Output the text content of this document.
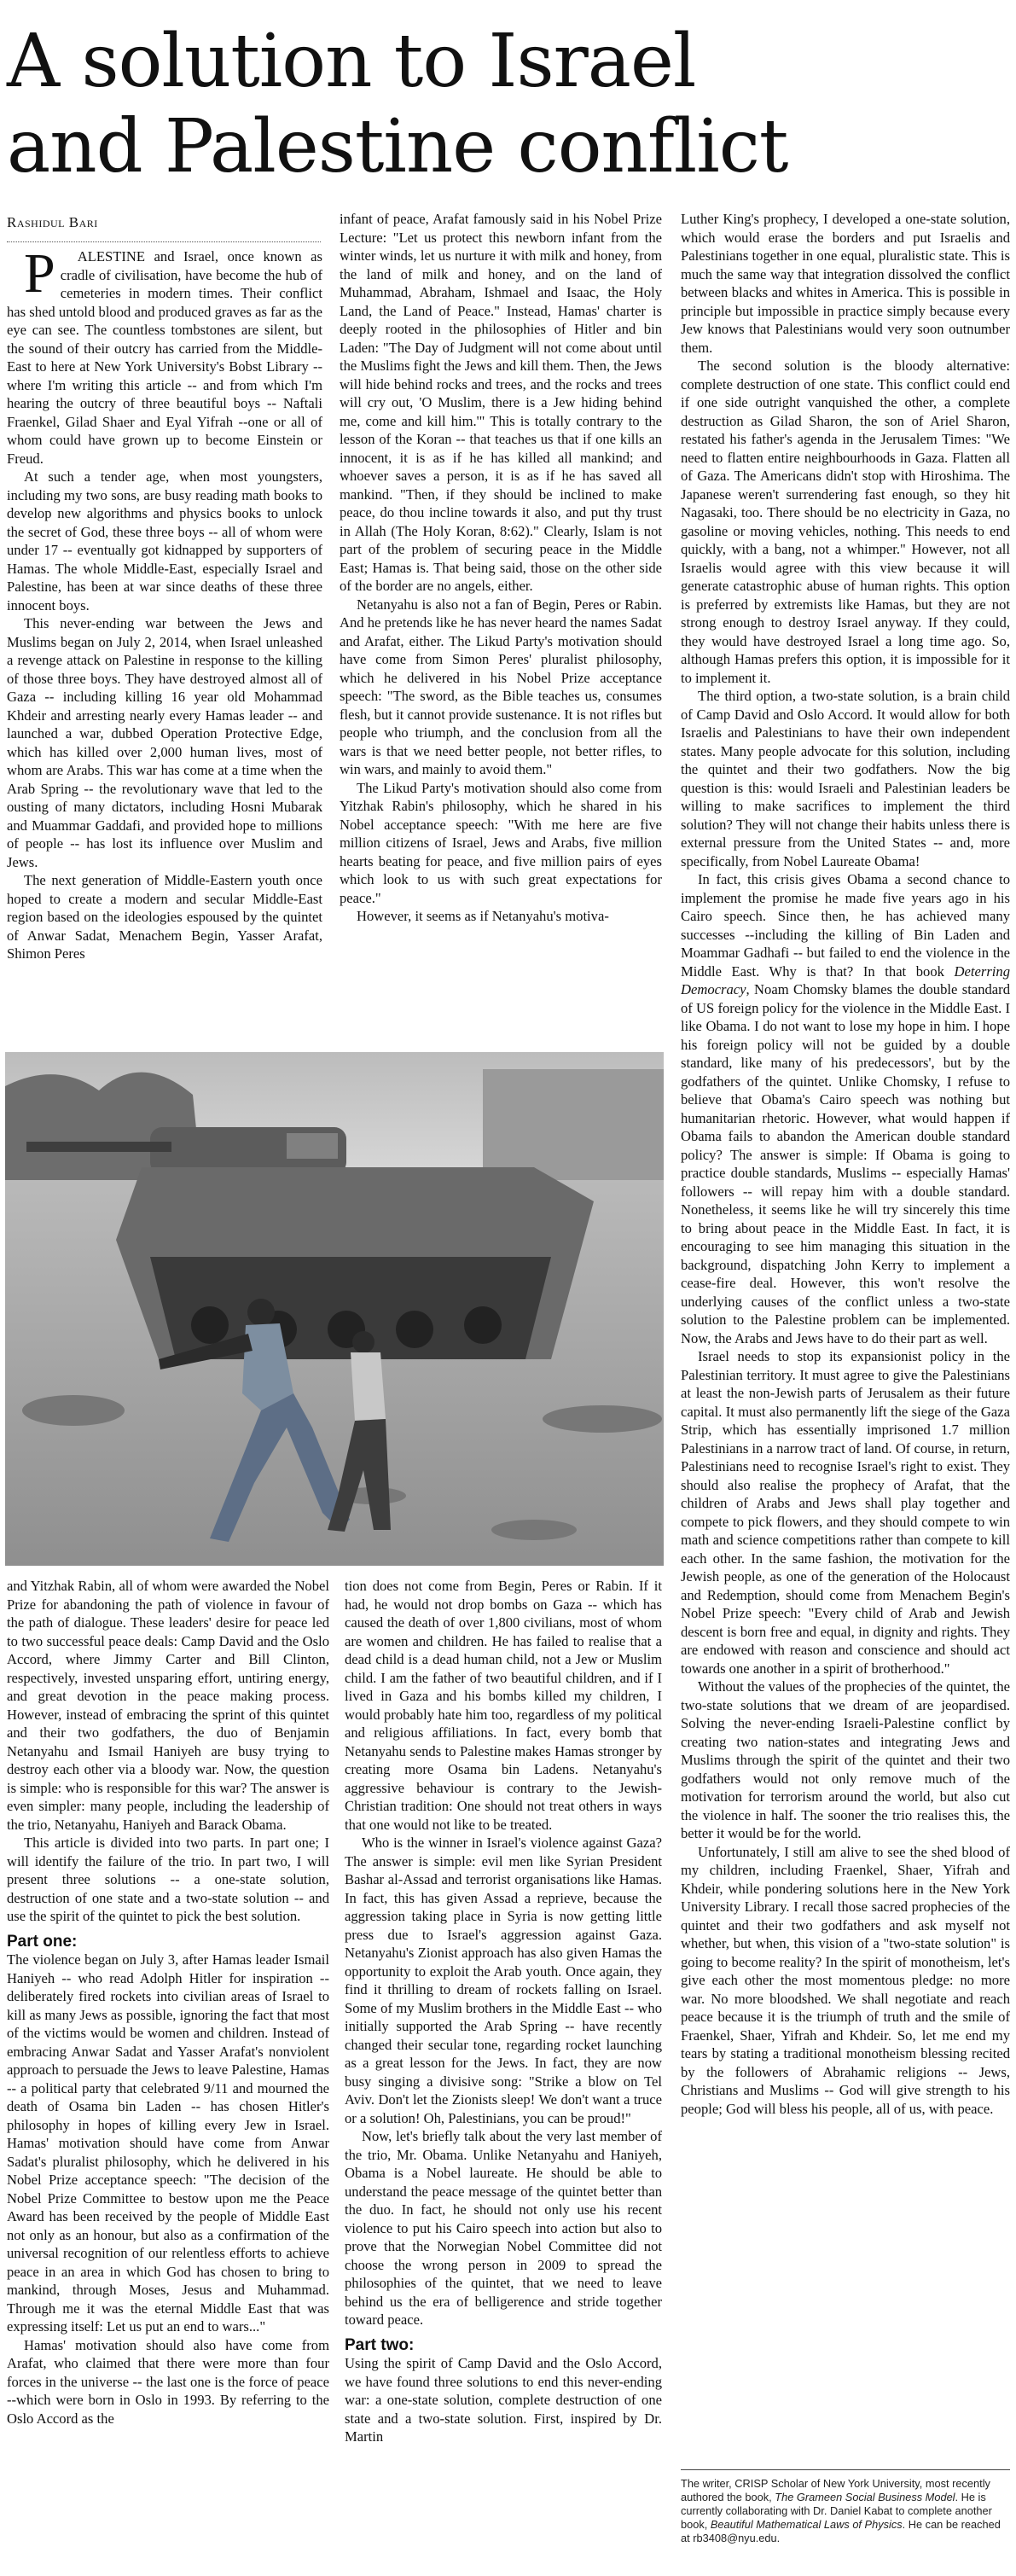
A solution to Israel
and Palestine conflict
Rashidul Bari

P ALESTINE and Israel, once known as cradle of civilisation, have become the hub of cemeteries in modern times. Their conflict has shed untold blood and produced graves as far as the eye can see. The countless tombstones are silent, but the sound of their outcry has carried from the Middle-East to here at New York University's Bobst Library -- where I'm writing this article -- and from which I'm hearing the outcry of three beautiful boys -- Naftali Fraenkel, Gilad Shaer and Eyal Yifrah --one or all of whom could have grown up to become Einstein or Freud.

At such a tender age, when most youngsters, including my two sons, are busy reading math books to develop new algorithms and physics books to unlock the secret of God, these three boys -- all of whom were under 17 -- eventually got kidnapped by supporters of Hamas. The whole Middle-East, especially Israel and Palestine, has been at war since deaths of these three innocent boys.

This never-ending war between the Jews and Muslims began on July 2, 2014, when Israel unleashed a revenge attack on Palestine in response to the killing of those three boys. They have destroyed almost all of Gaza -- including killing 16 year old Mohammad Khdeir and arresting nearly every Hamas leader -- and launched a war, dubbed Operation Protective Edge, which has killed over 2,000 human lives, most of whom are Arabs. This war has come at a time when the Arab Spring -- the revolutionary wave that led to the ousting of many dictators, including Hosni Mubarak and Muammar Gaddafi, and provided hope to millions of people -- has lost its influence over Muslim and Jews.

The next generation of Middle-Eastern youth once hoped to create a modern and secular Middle-East region based on the ideologies espoused by the quintet of Anwar Sadat, Menachem Begin, Yasser Arafat, Shimon Peres

infant of peace, Arafat famously said in his Nobel Prize Lecture: "Let us protect this newborn infant from the winter winds, let us nurture it with milk and honey, from the land of milk and honey, and on the land of Muhammad, Abraham, Ishmael and Isaac, the Holy Land, the Land of Peace." Instead, Hamas' charter is deeply rooted in the philosophies of Hitler and bin Laden: "The Day of Judgment will not come about until the Muslims fight the Jews and kill them. Then, the Jews will hide behind rocks and trees, and the rocks and trees will cry out, 'O Muslim, there is a Jew hiding behind me, come and kill him.'" This is totally contrary to the lesson of the Koran -- that teaches us that if one kills an innocent, it is as if he has killed all mankind; and whoever saves a person, it is as if he has saved all mankind. "Then, if they should be inclined to make peace, do thou incline towards it also, and put thy trust in Allah (The Holy Koran, 8:62)." Clearly, Islam is not part of the problem of securing peace in the Middle East; Hamas is. That being said, those on the other side of the border are no angels, either.

Netanyahu is also not a fan of Begin, Peres or Rabin. And he pretends like he has never heard the names Sadat and Arafat, either. The Likud Party's motivation should have come from Simon Peres' pluralist philosophy, which he delivered in his Nobel Prize acceptance speech: "The sword, as the Bible teaches us, consumes flesh, but it cannot provide sustenance. It is not rifles but people who triumph, and the conclusion from all the wars is that we need better people, not better rifles, to win wars, and mainly to avoid them."

The Likud Party's motivation should also come from Yitzhak Rabin's philosophy, which he shared in his Nobel acceptance speech: "With me here are five million citizens of Israel, Jews and Arabs, five million hearts beating for peace, and five million pairs of eyes which look to us with such great expectations for peace."

However, it seems as if Netanyahu's motiva-

Luther King's prophecy, I developed a one-state solution, which would erase the borders and put Israelis and Palestinians together in one equal, pluralistic state. This is much the same way that integration dissolved the conflict between blacks and whites in America. This is possible in principle but impossible in practice simply because every Jew knows that Palestinians would very soon outnumber them.

The second solution is the bloody alternative: complete destruction of one state. This conflict could end if one side outright vanquished the other, a complete destruction as Gilad Sharon, the son of Ariel Sharon, restated his father's agenda in the Jerusalem Times: "We need to flatten entire neighbourhoods in Gaza. Flatten all of Gaza. The Americans didn't stop with Hiroshima. The Japanese weren't surrendering fast enough, so they hit Nagasaki, too. There should be no electricity in Gaza, no gasoline or moving vehicles, nothing. This needs to end quickly, with a bang, not a whimper." However, not all Israelis would agree with this view because it will generate catastrophic abuse of human rights. This option is preferred by extremists like Hamas, but they are not strong enough to destroy Israel anyway. If they could, they would have destroyed Israel a long time ago. So, although Hamas prefers this option, it is impossible for it to implement it.

The third option, a two-state solution, is a brain child of Camp David and Oslo Accord. It would allow for both Israelis and Palestinians to have their own independent states. Many people advocate for this solution, including the quintet and their two godfathers. Now the big question is this: would Israeli and Palestinian leaders be willing to make sacrifices to implement the third solution? They will not change their habits unless there is external pressure from the United States -- and, more specifically, from Nobel Laureate Obama!

In fact, this crisis gives Obama a second chance to implement the promise he made five years ago in his Cairo speech. Since then, he has achieved many successes --including the killing of Bin Laden and Moammar Gadhafi -- but failed to end the violence in the Middle East. Why is that? In that book Deterring Democracy, Noam Chomsky blames the double standard of US foreign policy for the violence in the Middle East. I like Obama. I do not want to lose my hope in him. I hope his foreign policy will not be guided by a double standard, like many of his predecessors', but by the godfathers of the quintet. Unlike Chomsky, I refuse to believe that Obama's Cairo speech was nothing but humanitarian rhetoric. However, what would happen if Obama fails to abandon the American double standard policy? The answer is simple: If Obama is going to practice double standards, Muslims -- especially Hamas' followers -- will repay him with a double standard. Nonetheless, it seems like he will try sincerely this time to bring about peace in the Middle East. In fact, it is encouraging to see him managing this situation in the background, dispatching John Kerry to implement a cease-fire deal. However, this won't resolve the underlying causes of the conflict unless a two-state solution to the Palestine problem can be implemented. Now, the Arabs and Jews have to do their part as well.

Israel needs to stop its expansionist policy in the Palestinian territory. It must agree to give the Palestinians at least the non-Jewish parts of Jerusalem as their future capital. It must also permanently lift the siege of the Gaza Strip, which has essentially imprisoned 1.7 million Palestinians in a narrow tract of land. Of course, in return, Palestinians need to recognise Israel's right to exist. They should also realise the prophecy of Arafat, that the children of Arabs and Jews shall play together and compete to pick flowers, and they should compete to win math and science competitions rather than compete to kill each other. In the same fashion, the motivation for the Jewish people, as one of the generation of the Holocaust and Redemption, should come from Menachem Begin's Nobel Prize speech: "Every child of Arab and Jewish descent is born free and equal, in dignity and rights. They are endowed with reason and conscience and should act towards one another in a spirit of brotherhood."

Without the values of the prophecies of the quintet, the two-state solutions that we dream of are jeopardised. Solving the never-ending Israeli-Palestine conflict by creating two nation-states and integrating Jews and Muslims through the spirit of the quintet and their two godfathers would not only remove much of the motivation for terrorism around the world, but also cut the violence in half. The sooner the trio realises this, the better it would be for the world.

Unfortunately, I still am alive to see the shed blood of my children, including Fraenkel, Shaer, Yifrah and Khdeir, while pondering solutions here in the New York University Library. I recall those sacred prophecies of the quintet and their two godfathers and ask myself not whether, but when, this vision of a "two-state solution" is going to become reality? In the spirit of monotheism, let's give each other the most momentous pledge: no more war. No more bloodshed. We shall negotiate and reach peace because it is the triumph of truth and the smile of Fraenkel, Shaer, Yifrah and Khdeir. So, let me end my tears by stating a traditional monotheism blessing recited by the followers of Abrahamic religions -- Jews, Christians and Muslims -- God will give strength to his people; God will bless his people, all of us, with peace.

and Yitzhak Rabin, all of whom were awarded the Nobel Prize for abandoning the path of violence in favour of the path of dialogue. These leaders' desire for peace led to two successful peace deals: Camp David and the Oslo Accord, where Jimmy Carter and Bill Clinton, respectively, invested unsparing effort, untiring energy, and great devotion in the peace making process. However, instead of embracing the sprint of this quintet and their two godfathers, the duo of Benjamin Netanyahu and Ismail Haniyeh are busy trying to destroy each other via a bloody war. Now, the question is simple: who is responsible for this war? The answer is even simpler: many people, including the leadership of the trio, Netanyahu, Haniyeh and Barack Obama.

This article is divided into two parts. In part one; I will identify the failure of the trio. In part two, I will present three solutions -- a one-state solution, destruction of one state and a two-state solution -- and use the spirit of the quintet to pick the best solution.

Part one:

The violence began on July 3, after Hamas leader Ismail Haniyeh -- who read Adolph Hitler for inspiration -- deliberately fired rockets into civilian areas of Israel to kill as many Jews as possible, ignoring the fact that most of the victims would be women and children. Instead of embracing Anwar Sadat and Yasser Arafat's nonviolent approach to persuade the Jews to leave Palestine, Hamas -- a political party that celebrated 9/11 and mourned the death of Osama bin Laden -- has chosen Hitler's philosophy in hopes of killing every Jew in Israel. Hamas' motivation should have come from Anwar Sadat's pluralist philosophy, which he delivered in his Nobel Prize acceptance speech: "The decision of the Nobel Prize Committee to bestow upon me the Peace Award has been received by the people of Middle East not only as an honour, but also as a confirmation of the universal recognition of our relentless efforts to achieve peace in an area in which God has chosen to bring to mankind, through Moses, Jesus and Muhammad. Through me it was the eternal Middle East that was expressing itself: Let us put an end to wars..."

Hamas' motivation should also have come from Arafat, who claimed that there were more than four forces in the universe -- the last one is the force of peace --which were born in Oslo in 1993. By referring to the Oslo Accord as the

tion does not come from Begin, Peres or Rabin. If it had, he would not drop bombs on Gaza -- which has caused the death of over 1,800 civilians, most of whom are women and children. He has failed to realise that a dead child is a dead human child, not a Jew or Muslim child. I am the father of two beautiful children, and if I lived in Gaza and his bombs killed my children, I would probably hate him too, regardless of my political and religious affiliations. In fact, every bomb that Netanyahu sends to Palestine makes Hamas stronger by creating more Osama bin Ladens. Netanyahu's aggressive behaviour is contrary to the Jewish-Christian tradition: One should not treat others in ways that one would not like to be treated.

Who is the winner in Israel's violence against Gaza? The answer is simple: evil men like Syrian President Bashar al-Assad and terrorist organisations like Hamas. In fact, this has given Assad a reprieve, because the aggression taking place in Syria is now getting little press due to Israel's aggression against Gaza. Netanyahu's Zionist approach has also given Hamas the opportunity to exploit the Arab youth. Once again, they find it thrilling to dream of rockets falling on Israel. Some of my Muslim brothers in the Middle East -- who initially supported the Arab Spring -- have recently changed their secular tone, regarding rocket launching as a great lesson for the Jews. In fact, they are now busy singing a divisive song: "Strike a blow on Tel Aviv. Don't let the Zionists sleep! We don't want a truce or a solution! Oh, Palestinians, you can be proud!"

Now, let's briefly talk about the very last member of the trio, Mr. Obama. Unlike Netanyahu and Haniyeh, Obama is a Nobel laureate. He should be able to understand the peace message of the quintet better than the duo. In fact, he should not only use his recent violence to put his Cairo speech into action but also to prove that the Norwegian Nobel Committee did not choose the wrong person in 2009 to spread the philosophies of the quintet, that we need to leave behind us the era of belligerence and stride together toward peace.

Part two:

Using the spirit of Camp David and the Oslo Accord, we have found three solutions to end this never-ending war: a one-state solution, complete destruction of one state and a two-state solution. First, inspired by Dr. Martin

The writer, CRISP Scholar of New York University, most recently authored the book, The Grameen Social Business Model. He is currently collaborating with Dr. Daniel Kabat to complete another book, Beautiful Mathematical Laws of Physics. He can be reached at rb3408@nyu.edu.
